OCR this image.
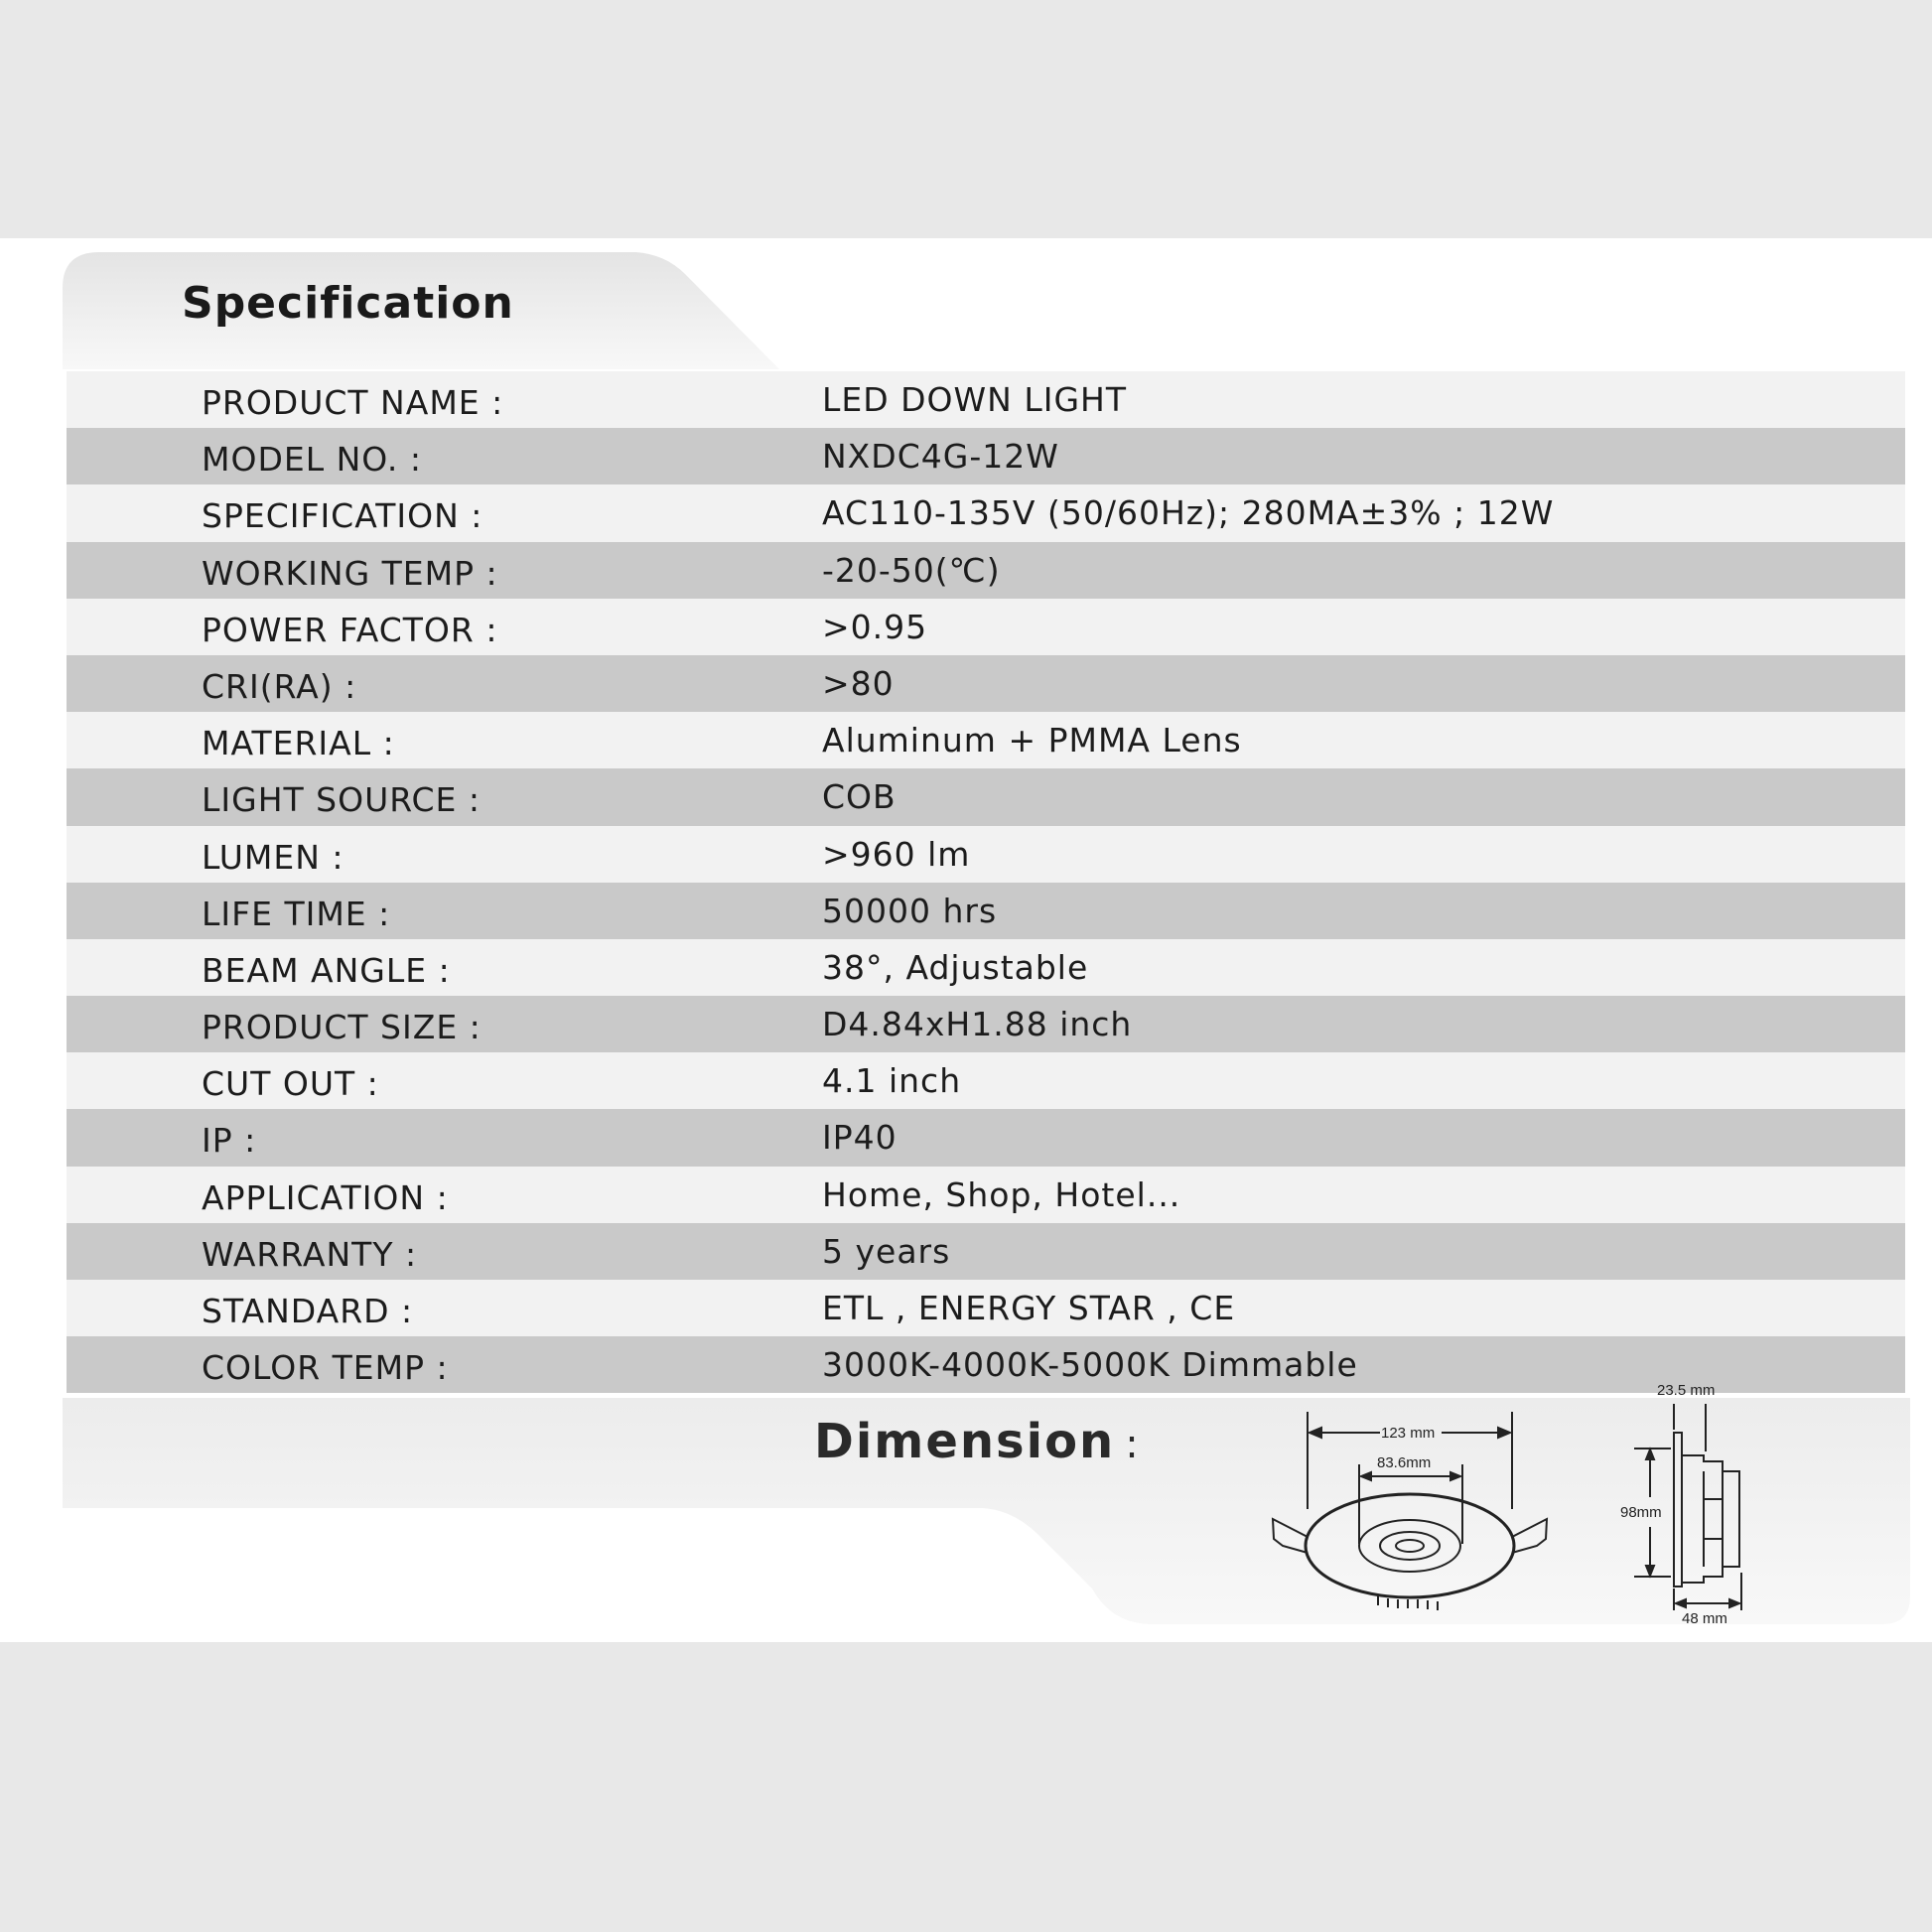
Specification
PRODUCT NAME :	LED DOWN LIGHT
MODEL NO. :	NXDC4G-12W
SPECIFICATION :	AC110-135V (50/60Hz); 280MA±3% ; 12W
WORKING TEMP :	-20-50(℃)
POWER FACTOR :	>0.95
CRI(RA) :	>80
MATERIAL :	Aluminum + PMMA Lens
LIGHT SOURCE :	COB
LUMEN :	>960 lm
LIFE TIME :	50000 hrs
BEAM ANGLE :	38°, Adjustable
PRODUCT SIZE :	D4.84xH1.88 inch
CUT OUT :	4.1 inch
IP :	IP40
APPLICATION :	Home, Shop, Hotel...
WARRANTY :	5 years
STANDARD :	ETL , ENERGY STAR , CE
COLOR TEMP :	3000K-4000K-5000K Dimmable
Dimension :	123 mm
83.6mm
23.5 mm
98mm
48 mm
